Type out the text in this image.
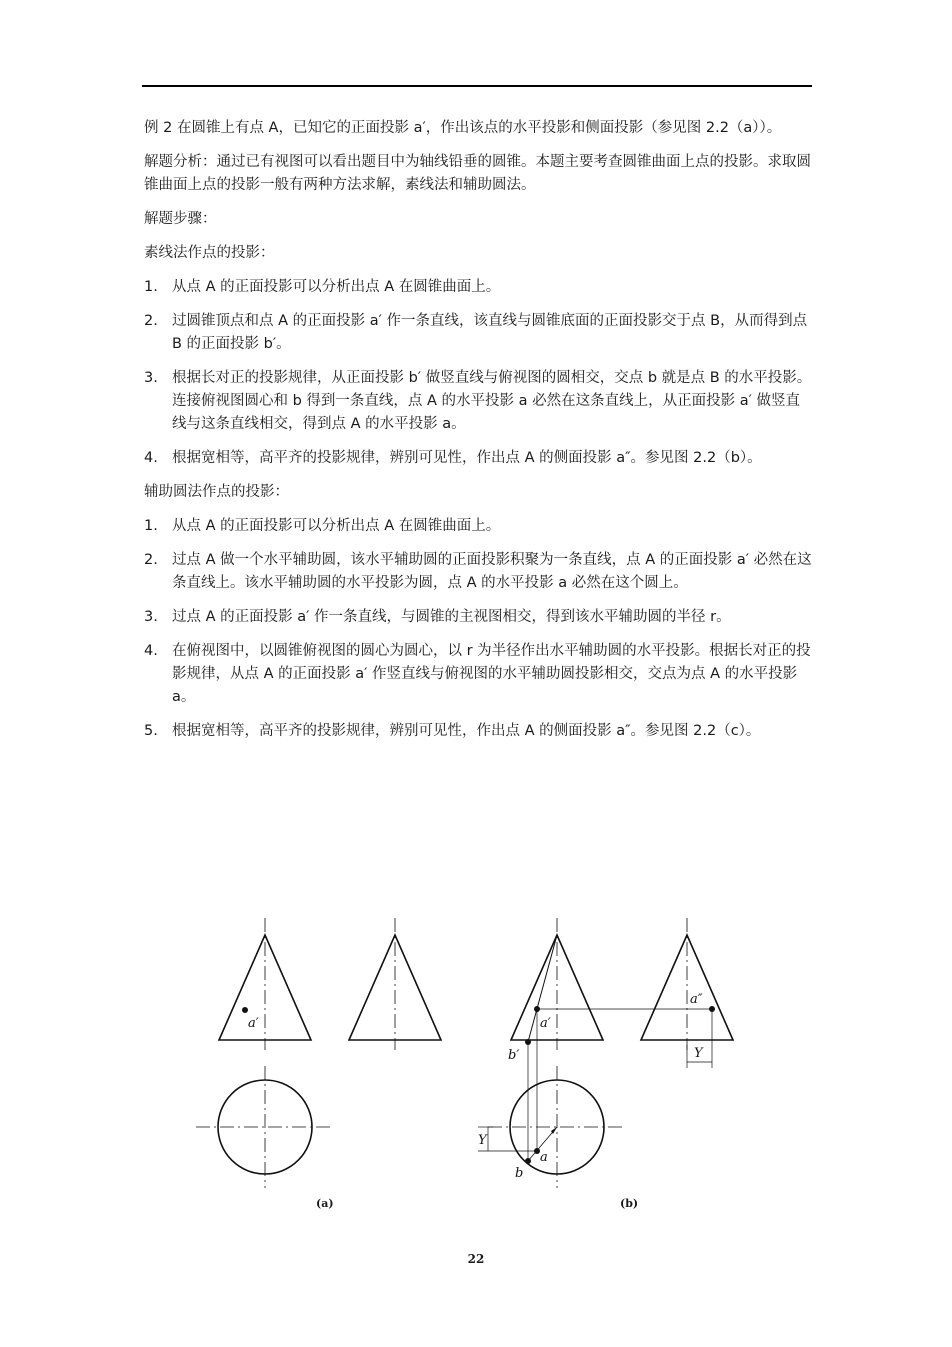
例 2 在圆锥上有点 A，已知它的正面投影 a′，作出该点的水平投影和侧面投影（参见图 2.2（a））。

解题分析：通过已有视图可以看出题目中为轴线铅垂的圆锥。本题主要考查圆锥曲面上点的投影。求取圆锥曲面上点的投影一般有两种方法求解，素线法和辅助圆法。

解题步骤：

素线法作点的投影：

1. 从点 A 的正面投影可以分析出点 A 在圆锥曲面上。
2. 过圆锥顶点和点 A 的正面投影 a′ 作一条直线，该直线与圆锥底面的正面投影交于点 B，从而得到点 B 的正面投影 b′。
3. 根据长对正的投影规律，从正面投影 b′ 做竖直线与俯视图的圆相交，交点 b 就是点 B 的水平投影。连接俯视图圆心和 b 得到一条直线，点 A 的水平投影 a 必然在这条直线上，从正面投影 a′ 做竖直线与这条直线相交，得到点 A 的水平投影 a。
4. 根据宽相等，高平齐的投影规律，辨别可见性，作出点 A 的侧面投影 a″。参见图 2.2（b）。

辅助圆法作点的投影：

1. 从点 A 的正面投影可以分析出点 A 在圆锥曲面上。
2. 过点 A 做一个水平辅助圆，该水平辅助圆的正面投影积聚为一条直线，点 A 的正面投影 a′ 必然在这条直线上。该水平辅助圆的水平投影为圆，点 A 的水平投影 a 必然在这个圆上。
3. 过点 A 的正面投影 a′ 作一条直线，与圆锥的主视图相交，得到该水平辅助圆的半径 r。
4. 在俯视图中，以圆锥俯视图的圆心为圆心，以 r 为半径作出水平辅助圆的水平投影。根据长对正的投影规律，从点 A 的正面投影 a′ 作竖直线与俯视图的水平辅助圆投影相交，交点为点 A 的水平投影 a。
5. 根据宽相等，高平齐的投影规律，辨别可见性，作出点 A 的侧面投影 a″。参见图 2.2（c）。
a′	a′
b′
a″
Y
Y
a
b
(a)	(b)
22
